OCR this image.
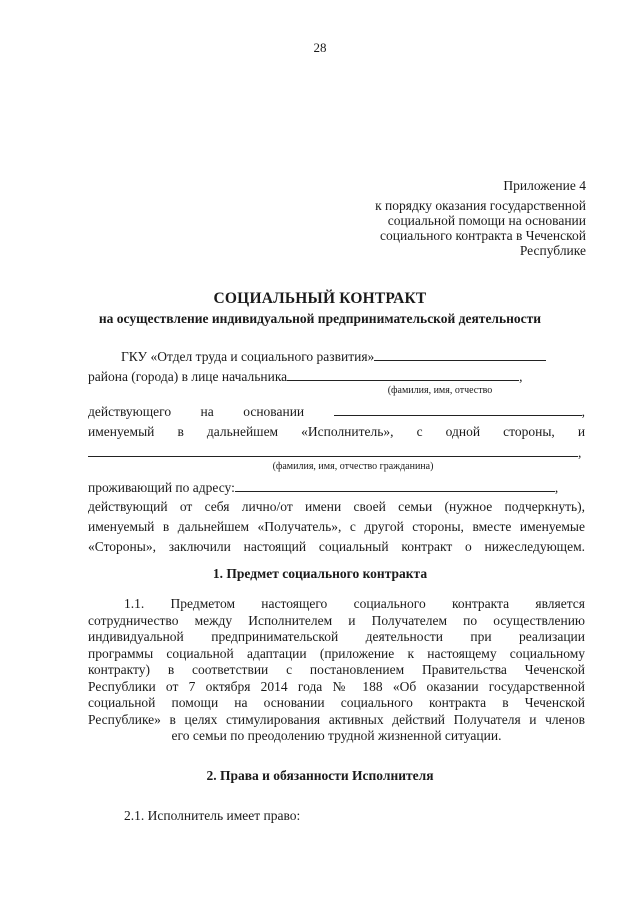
28
Приложение 4
к порядку оказания государственной
социальной помощи на основании
социального контракта в Чеченской
Республике
СОЦИАЛЬНЫЙ КОНТРАКТ
на осуществление индивидуальной предпринимательской деятельности
ГКУ «Отдел труда и социального развития»
района (города) в лице начальника	,
(фамилия, имя, отчество
действующего на основании	,
именуемый в дальнейшем «Исполнитель», с одной стороны, и
,
(фамилия, имя, отчество гражданина)
проживающий по адресу:	,
действующий от себя лично/от имени своей семьи (нужное подчеркнуть),
именуемый в дальнейшем «Получатель», с другой стороны, вместе именуемые
«Стороны», заключили настоящий социальный контракт о нижеследующем.
1. Предмет социального контракта
1.1. Предметом настоящего социального контракта является
сотрудничество между Исполнителем и Получателем по осуществлению
индивидуальной предпринимательской деятельности при реализации
программы социальной адаптации (приложение к настоящему социальному
контракту) в соответствии с постановлением Правительства Чеченской
Республики от 7 октября 2014 года № 188 «Об оказании государственной
социальной помощи на основании социального контракта в Чеченской
Республике» в целях стимулирования активных действий Получателя и членов
его семьи по преодолению трудной жизненной ситуации.
2. Права и обязанности Исполнителя
2.1. Исполнитель имеет право:
